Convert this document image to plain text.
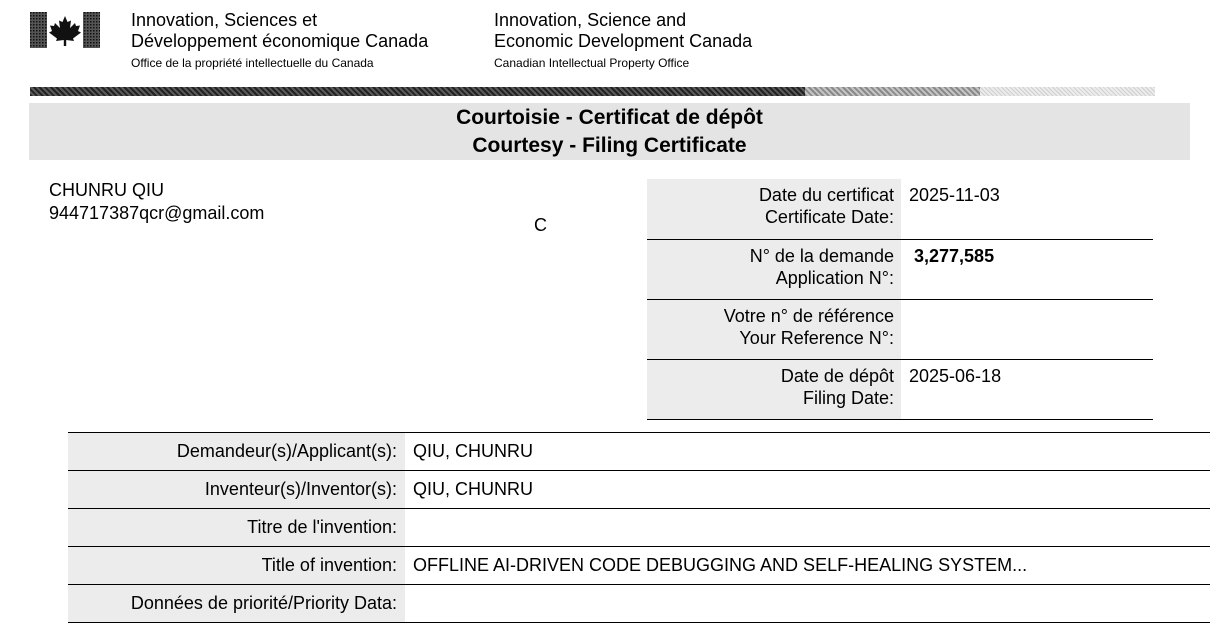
Innovation, Sciences et
Développement économique Canada
Office de la propriété intellectuelle du Canada
Innovation, Science and
Economic Development Canada
Canadian Intellectual Property Office
Courtoisie - Certificat de dépôt
Courtesy - Filing Certificate
CHUNRU QIU
944717387qcr@gmail.com
C
Date du certificat
Certificate Date:
2025-11-03
N° de la demande
Application N°:
3,277,585
Votre n° de référence
Your Reference N°:
Date de dépôt
Filing Date:
2025-06-18
Demandeur(s)/Applicant(s): QIU, CHUNRU
Inventeur(s)/Inventor(s): QIU, CHUNRU
Titre de l'invention:
Title of invention: OFFLINE AI-DRIVEN CODE DEBUGGING AND SELF-HEALING SYSTEM...
Données de priorité/Priority Data:
